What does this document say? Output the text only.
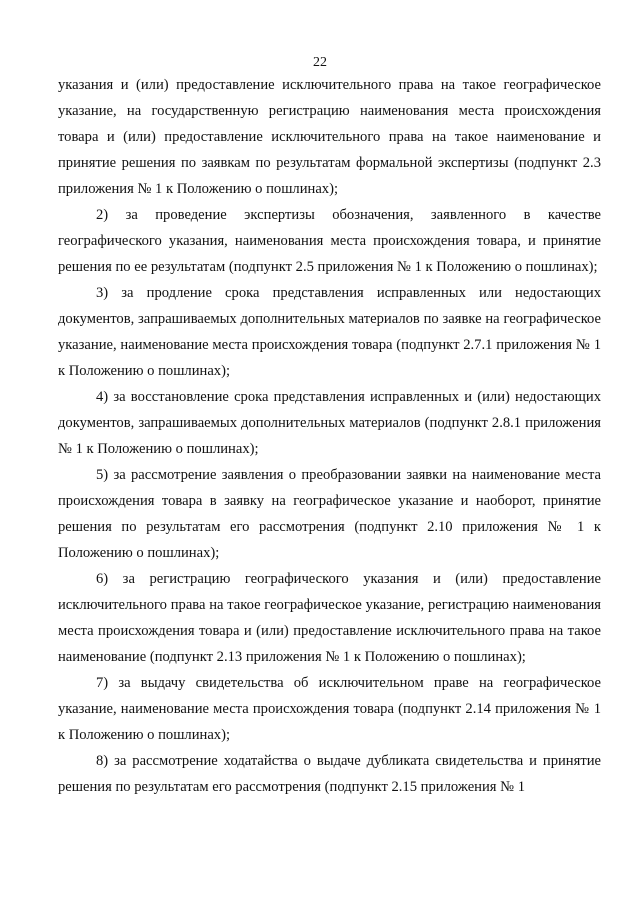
22

указания и (или) предоставление исключительного права на такое географическое указание, на государственную регистрацию наименования места происхождения товара и (или) предоставление исключительного права на такое наименование и принятие решения по заявкам по результатам формальной экспертизы (подпункт 2.3 приложения № 1 к Положению о пошлинах);

2) за проведение экспертизы обозначения, заявленного в качестве географического указания, наименования места происхождения товара, и принятие решения по ее результатам (подпункт 2.5 приложения № 1 к Положению о пошлинах);

3) за продление срока представления исправленных или недостающих документов, запрашиваемых дополнительных материалов по заявке на географическое указание, наименование места происхождения товара (подпункт 2.7.1 приложения № 1 к Положению о пошлинах);

4) за восстановление срока представления исправленных и (или) недостающих документов, запрашиваемых дополнительных материалов (подпункт 2.8.1 приложения № 1 к Положению о пошлинах);

5) за рассмотрение заявления о преобразовании заявки на наименование места происхождения товара в заявку на географическое указание и наоборот, принятие решения по результатам его рассмотрения (подпункт 2.10 приложения № 1 к Положению о пошлинах);

6) за регистрацию географического указания и (или) предоставление исключительного права на такое географическое указание, регистрацию наименования места происхождения товара и (или) предоставление исключительного права на такое наименование (подпункт 2.13 приложения № 1 к Положению о пошлинах);

7) за выдачу свидетельства об исключительном праве на географическое указание, наименование места происхождения товара (подпункт 2.14 приложения № 1 к Положению о пошлинах);

8) за рассмотрение ходатайства о выдаче дубликата свидетельства и принятие решения по результатам его рассмотрения (подпункт 2.15 приложения № 1
